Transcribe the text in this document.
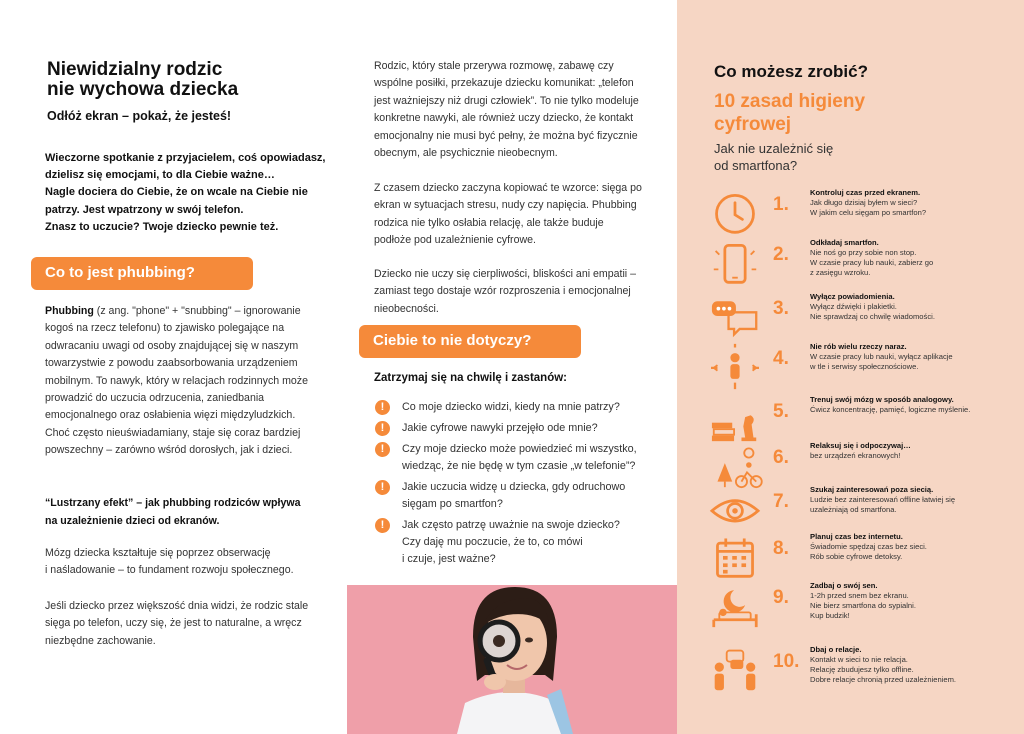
Niewidzialny rodzic
nie wychowa dziecka
Odłóż ekran – pokaż, że jesteś!
Wieczorne spotkanie z przyjacielem, coś opowiadasz,
dzielisz się emocjami, to dla Ciebie ważne…
Nagle dociera do Ciebie, że on wcale na Ciebie nie
patrzy. Jest wpatrzony w swój telefon.
Znasz to uczucie? Twoje dziecko pewnie też.
Co to jest phubbing?
Phubbing (z ang. "phone" + "snubbing" – ignorowanie
kogoś na rzecz telefonu) to zjawisko polegające na
odwracaniu uwagi od osoby znajdującej się w naszym
towarzystwie z powodu zaabsorbowania urządzeniem
mobilnym. To nawyk, który w relacjach rodzinnych może
prowadzić do uczucia odrzucenia, zaniedbania
emocjonalnego oraz osłabienia więzi międzyludzkich.
Choć często nieuświadamiany, staje się coraz bardziej
powszechny – zarówno wśród dorosłych, jak i dzieci.
“Lustrzany efekt” – jak phubbing rodziców wpływa
na uzależnienie dzieci od ekranów.
Mózg dziecka kształtuje się poprzez obserwację
i naśladowanie – to fundament rozwoju społecznego.
Jeśli dziecko przez większość dnia widzi, że rodzic stale
sięga po telefon, uczy się, że jest to naturalne, a wręcz
niezbędne zachowanie.
Rodzic, który stale przerywa rozmowę, zabawę czy
wspólne posiłki, przekazuje dziecku komunikat: „telefon
jest ważniejszy niż drugi człowiek”. To nie tylko modeluje
konkretne nawyki, ale również uczy dziecko, że kontakt
emocjonalny nie musi być pełny, że można być fizycznie
obecnym, ale psychicznie nieobecnym.
Z czasem dziecko zaczyna kopiować te wzorce: sięga po
ekran w sytuacjach stresu, nudy czy napięcia. Phubbing
rodzica nie tylko osłabia relację, ale także buduje
podłoże pod uzależnienie cyfrowe.
Dziecko nie uczy się cierpliwości, bliskości ani empatii –
zamiast tego dostaje wzór rozproszenia i emocjonalnej
nieobecności.
Ciebie to nie dotyczy?
Zatrzymaj się na chwilę i zastanów:
!	Co moje dziecko widzi, kiedy na mnie patrzy?
!	Jakie cyfrowe nawyki przejęło ode mnie?
!	Czy moje dziecko może powiedzieć mi wszystko,
wiedząc, że nie będę w tym czasie „w telefonie”?
!	Jakie uczucia widzę u dziecka, gdy odruchowo
sięgam po smartfon?
!	Jak często patrzę uważnie na swoje dziecko?
Czy daję mu poczucie, że to, co mówi
i czuje, jest ważne?
Co możesz zrobić?
10 zasad higieny
cyfrowej
Jak nie uzależnić się
od smartfona?
1.
Kontroluj czas przed ekranem.
Jak długo dzisiaj byłem w sieci?
W jakim celu sięgam po smartfon?
2.
Odkładaj smartfon.
Nie noś go przy sobie non stop.
W czasie pracy lub nauki, zabierz go
z zasięgu wzroku.
3.
Wyłącz powiadomienia.
Wyłącz dźwięki i plakietki.
Nie sprawdzaj co chwilę wiadomości.
4.
Nie rób wielu rzeczy naraz.
W czasie pracy lub nauki, wyłącz aplikacje
w tle i serwisy społecznościowe.
5.
Trenuj swój mózg w sposób analogowy.
Ćwicz koncentrację, pamięć, logiczne myślenie.
6.
Relaksuj się i odpoczywaj…
bez urządzeń ekranowych!
7.
Szukaj zainteresowań poza siecią.
Ludzie bez zainteresowań offline łatwiej się
uzależniają od smartfona.
8.
Planuj czas bez internetu.
Świadomie spędzaj czas bez sieci.
Rób sobie cyfrowe detoksy.
9.
Zadbaj o swój sen.
1-2h przed snem bez ekranu.
Nie bierz smartfona do sypialni.
Kup budzik!
10.
Dbaj o relacje.
Kontakt w sieci to nie relacja.
Relację zbudujesz tylko offline.
Dobre relacje chronią przed uzależnieniem.
